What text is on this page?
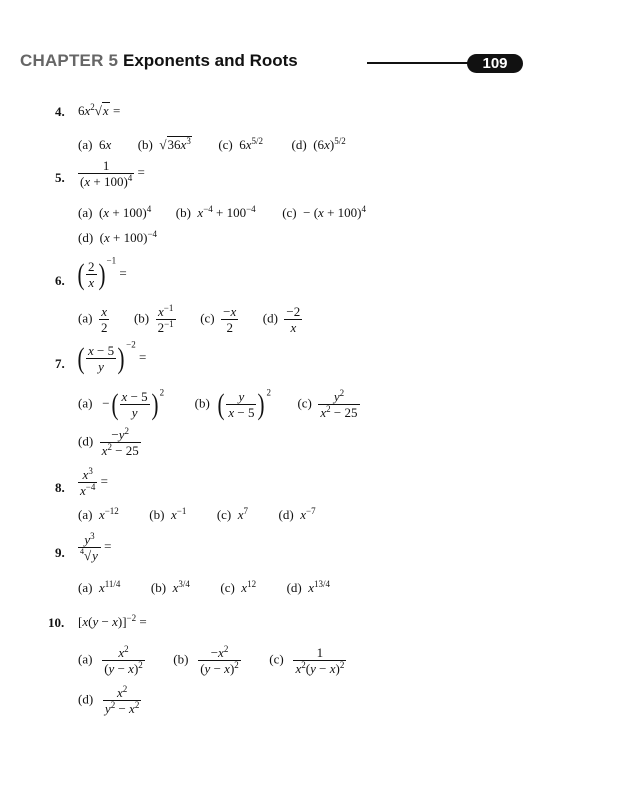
CHAPTER 5 Exponents and Roots	109
4. $6x^2√x$ =
(a)  6x (b)  $√36x^3$ (c)  $6x^{5/2}$ (d)  $(6x)^{5/2}$
5. $\frac{1}{(x + 100)^4}$ =
(a)  $(x + 100)^4$ (b) $x^{-4} + 100^{-4}$ $(c) - (x + 100)^4$
(d)  $(x + 100)^{-4}$
6. ( $\frac{2}{x}$ ) $^{-1}$ =
$(a) \frac{x}{2} (b) \frac{x^{-1}}{2^{-1}} (c) \frac{-x}{2} (d) \frac{-2}{x}$
7. ( $\frac{x - 5}{y}$ ) $^{-2}$ =
(a)   −( $\frac{x - 5}{y}$ ) $^2$  (b) ( $\frac{y}{x - 5}$ ) $^2$  $(c) \frac{y^2}{x^2 - 25}$
$(d) \frac{-y^2}{x^2 - 25}$
8. $\frac{x^3}{x^{-4}}$ =
(a) $x^{-12}$ (b) $x^{-1}$ (c) $x^7$ (d) $x^{-7}$
9. $\frac{y^3}{^4√y}$ =
(a) $x^{11/4}$ (b) $x^{3/4}$ (c) $x^{12}$ (d) $x^{13/4}$
10. $[x(y - x)]^{-2}$ =
$(a) \frac{x^2}{(y - x)^2} (b) \frac{-x^2}{(y - x)^2} (c) \frac{1}{x^2(y - x)^2}$
$(d) \frac{x^2}{y^2 - x^2}$
